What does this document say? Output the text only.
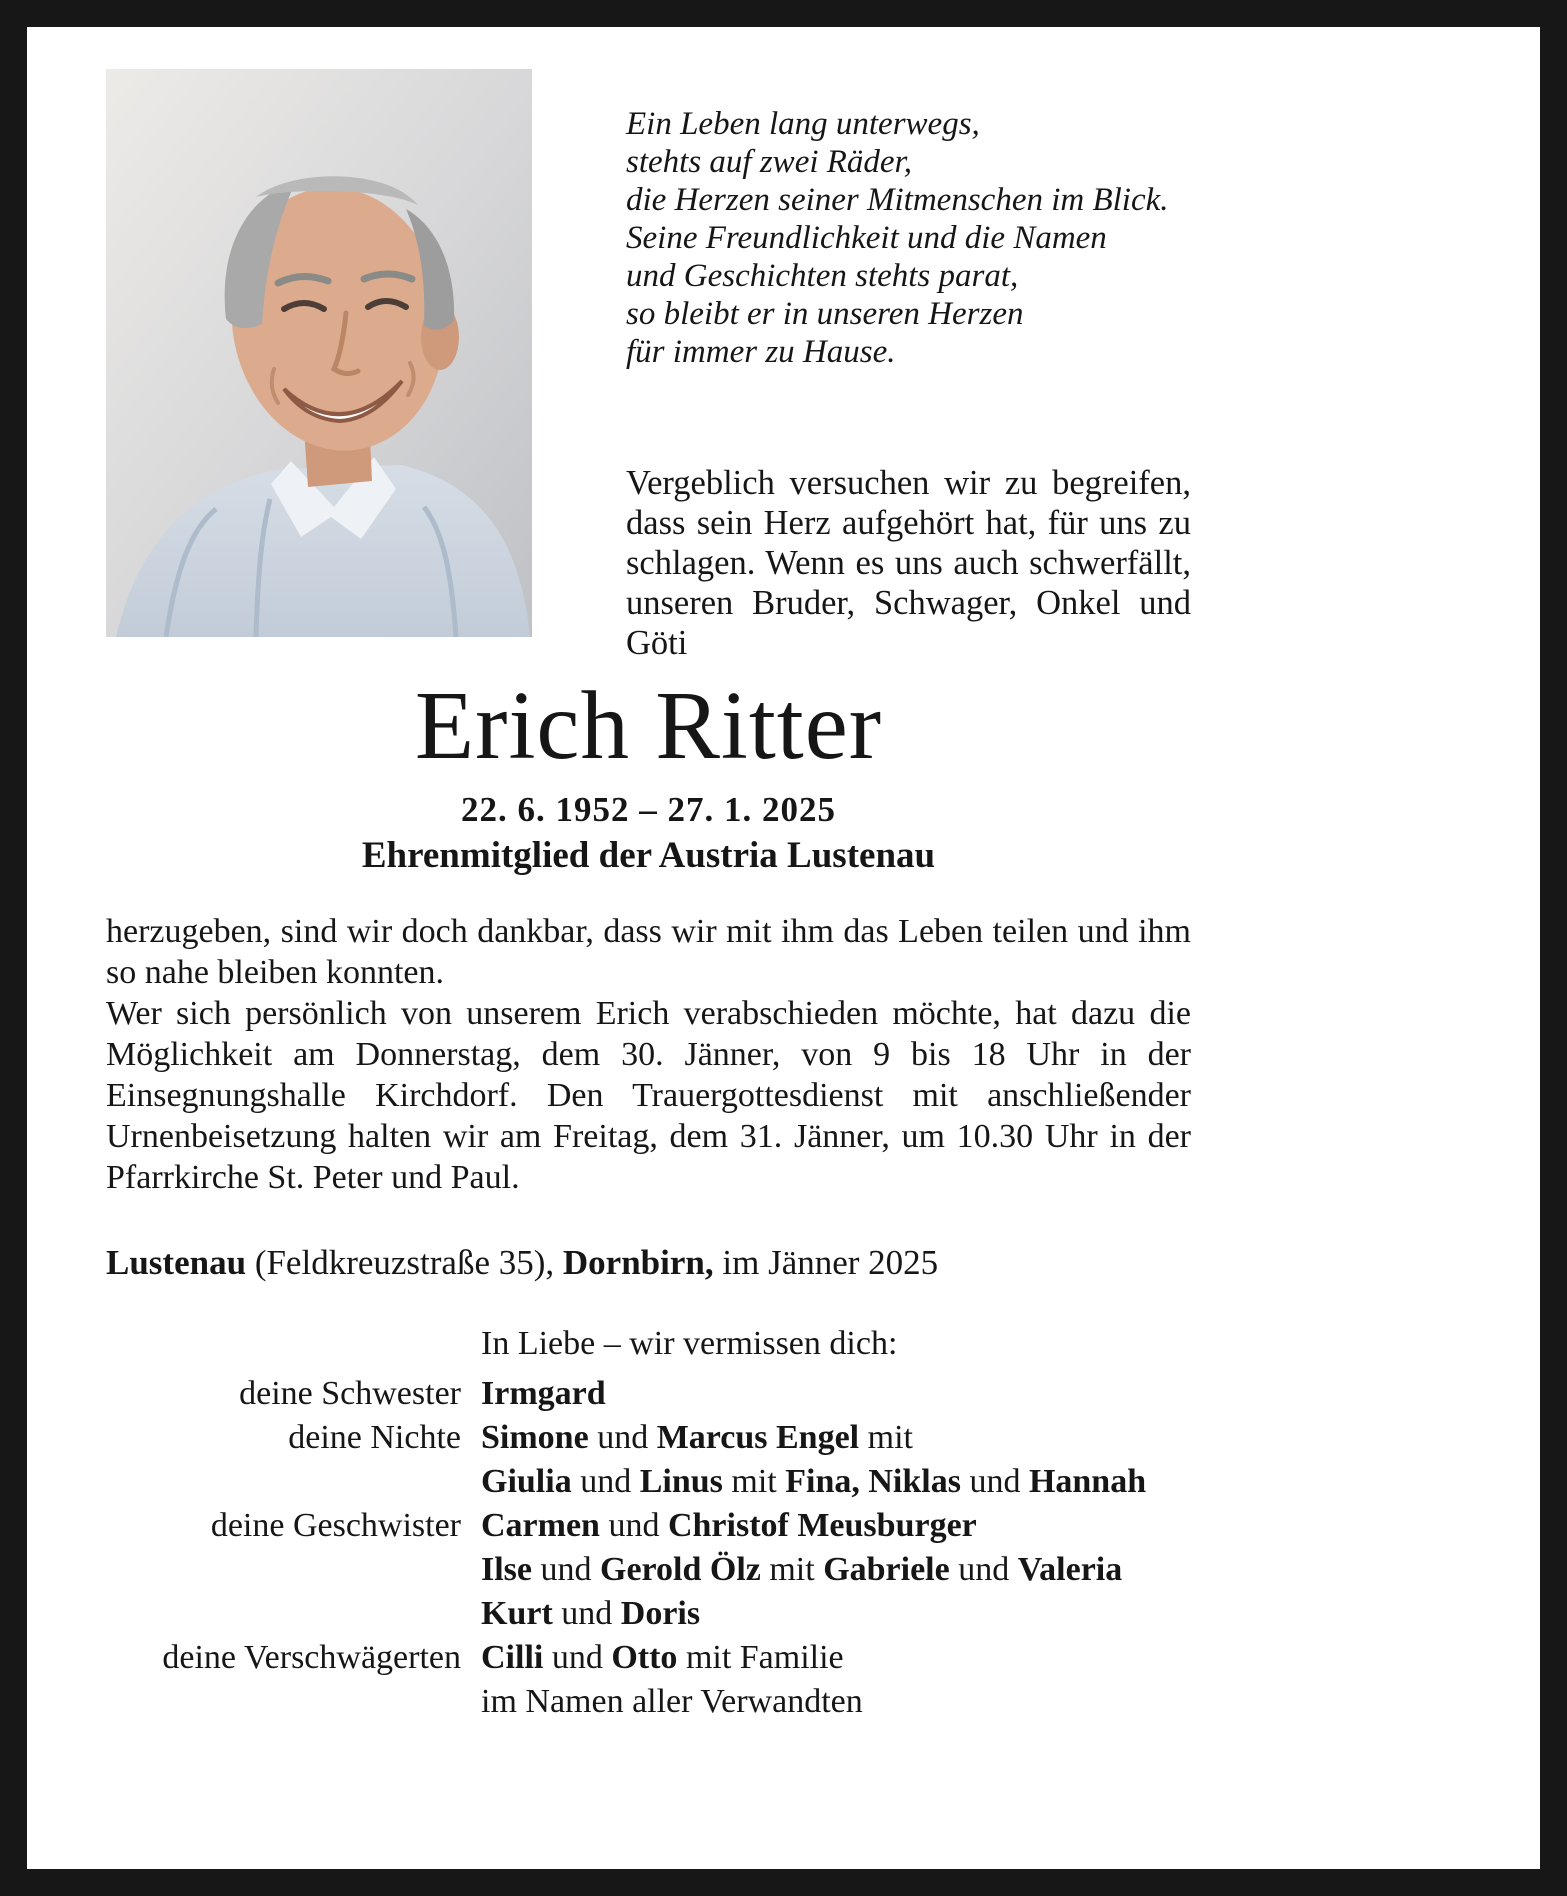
Ein Leben lang unterwegs,
stehts auf zwei Räder,
die Herzen seiner Mitmenschen im Blick.
Seine Freundlichkeit und die Namen
und Geschichten stehts parat,
so bleibt er in unseren Herzen
für immer zu Hause.

Vergeblich versuchen wir zu begreifen, dass sein Herz aufgehört hat, für uns zu schlagen. Wenn es uns auch schwerfällt, unseren Bruder, Schwager, Onkel und Göti

Erich Ritter
22. 6. 1952 – 27. 1. 2025
Ehrenmitglied der Austria Lustenau

herzugeben, sind wir doch dankbar, dass wir mit ihm das Leben teilen und ihm so nahe bleiben konnten.

Wer sich persönlich von unserem Erich verabschieden möchte, hat dazu die Möglichkeit am Donnerstag, dem 30. Jänner, von 9 bis 18 Uhr in der Einsegnungshalle Kirchdorf. Den Trauergottesdienst mit anschließender Urnenbeisetzung halten wir am Freitag, dem 31. Jänner, um 10.30 Uhr in der Pfarrkirche St. Peter und Paul.

Lustenau (Feldkreuzstraße 35), Dornbirn, im Jänner 2025

In Liebe – wir vermissen dich:
deine Schwester Irmgard
deine Nichte Simone und Marcus Engel mit
Giulia und Linus mit Fina, Niklas und Hannah
deine Geschwister Carmen und Christof Meusburger
Ilse und Gerold Ölz mit Gabriele und Valeria
Kurt und Doris
deine Verschwägerten Cilli und Otto mit Familie
im Namen aller Verwandten
